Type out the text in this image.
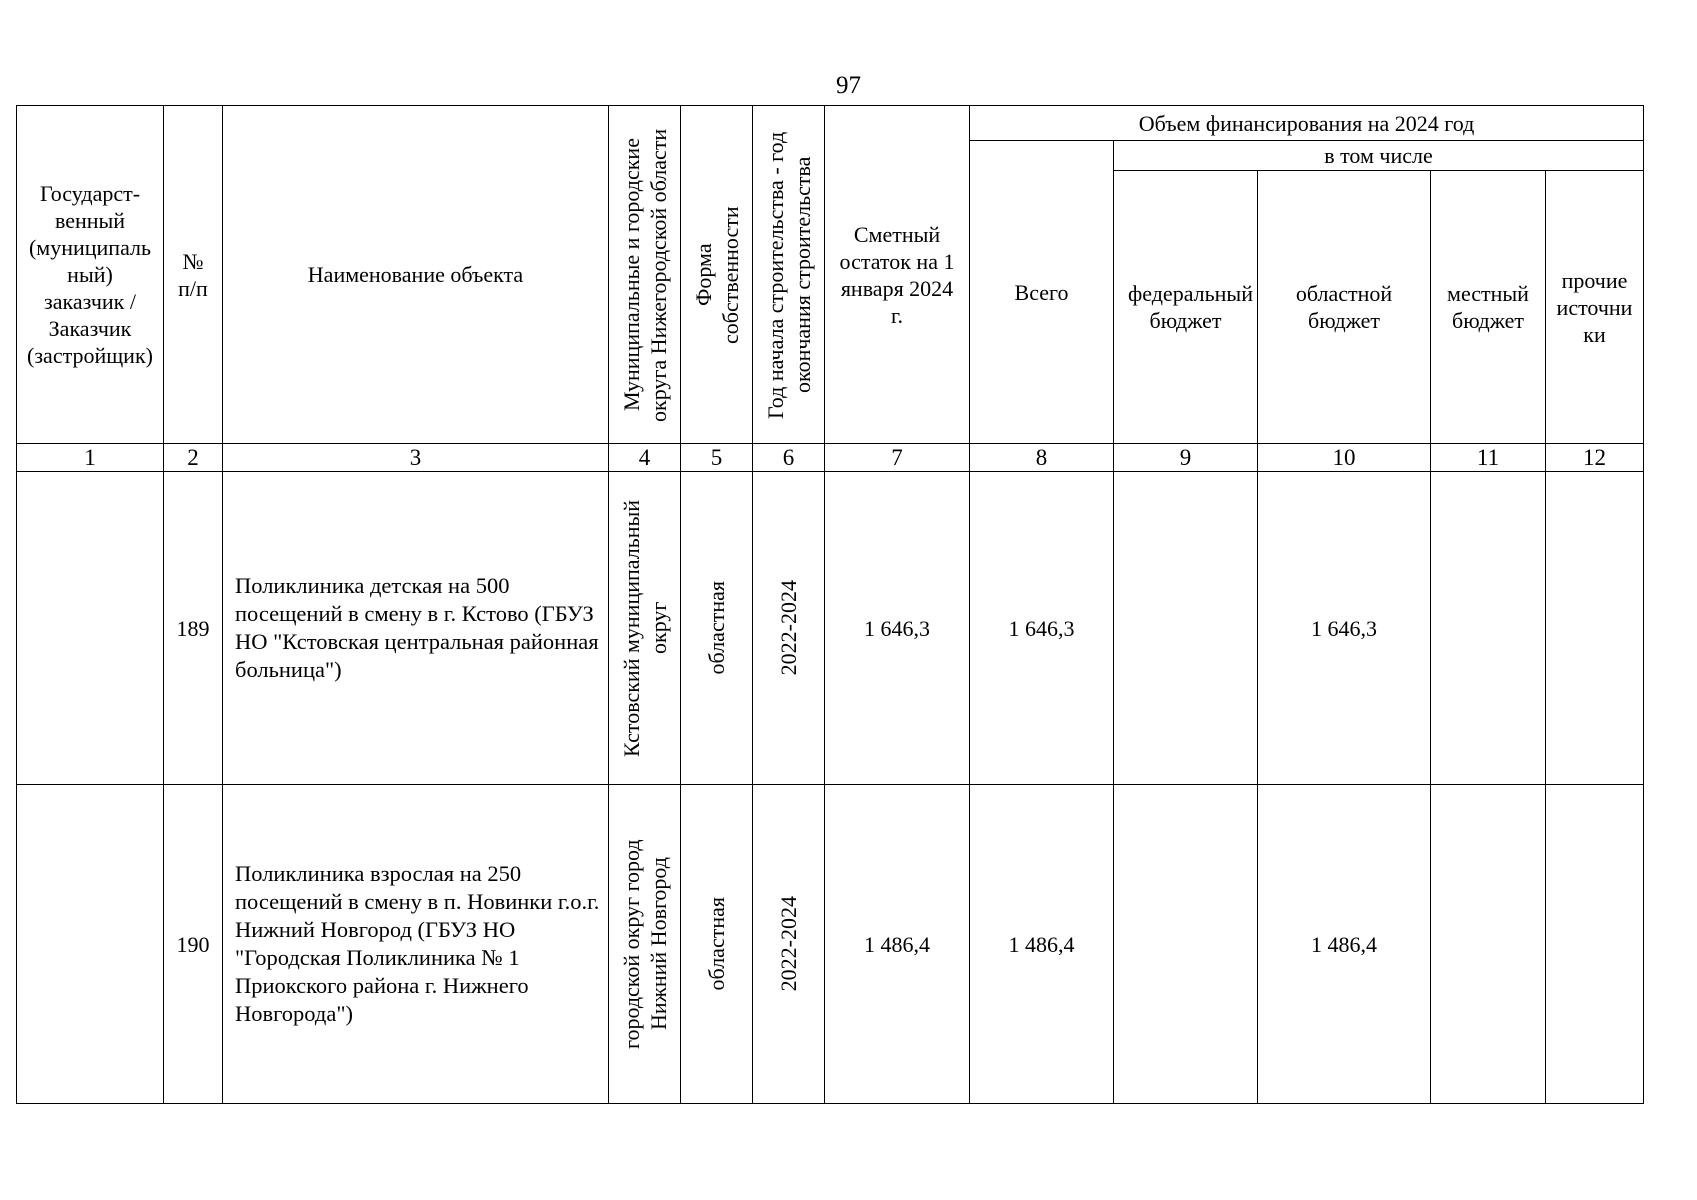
97
Государст-венный (муниципальный) заказчик / Заказчик (застройщик)	№ п/п	Наименование объекта	Муниципальные и городские округа Нижегородской области	Форма собственности	Год начала строительства - год окончания строительства	Сметный остаток на 1 января 2024 г.	Объем финансирования на 2024 год				
							Всего	в том числе			

								федеральный бюджет	областной бюджет	местный бюджет	прочие источники

1	2	3	4	5	6	7	8	9	10	11	12
	189	Поликлиника детская на 500 посещений в смену в г. Кстово (ГБУЗ НО "Кстовская центральная районная больница")	Кстовский муниципальный округ	областная	2022-2024	1 646,3	1 646,3		1 646,3		
	190	Поликлиника взрослая на 250 посещений в смену в п. Новинки г.о.г. Нижний Новгород (ГБУЗ НО "Городская Поликлиника № 1 Приокского района г. Нижнего Новгорода")	городской округ город Нижний Новгород	областная	2022-2024	1 486,4	1 486,4		1 486,4		
